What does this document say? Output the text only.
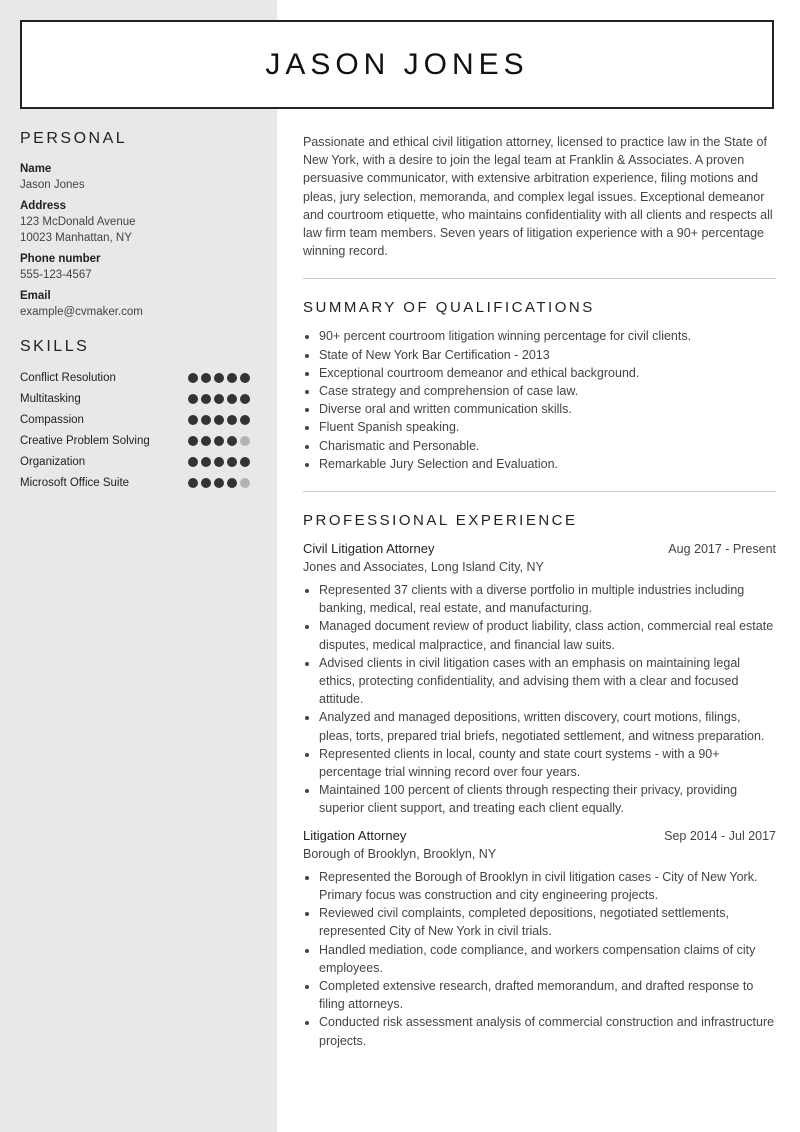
JASON JONES
PERSONAL
Name
Jason Jones
Address
123 McDonald Avenue
10023 Manhattan, NY
Phone number
555-123-4567
Email
example@cvmaker.com
SKILLS
Conflict Resolution
Multitasking
Compassion
Creative Problem Solving
Organization
Microsoft Office Suite

Passionate and ethical civil litigation attorney, licensed to practice law in the State of New York, with a desire to join the legal team at Franklin & Associates. A proven persuasive communicator, with extensive arbitration experience, filing motions and pleas, jury selection, memoranda, and complex legal issues. Exceptional demeanor and courtroom etiquette, who maintains confidentiality with all clients and respects all law firm team members. Seven years of litigation experience with a 90+ percentage winning record.

SUMMARY OF QUALIFICATIONS
• 90+ percent courtroom litigation winning percentage for civil clients.
• State of New York Bar Certification - 2013
• Exceptional courtroom demeanor and ethical background.
• Case strategy and comprehension of case law.
• Diverse oral and written communication skills.
• Fluent Spanish speaking.
• Charismatic and Personable.
• Remarkable Jury Selection and Evaluation.
PROFESSIONAL EXPERIENCE
Civil Litigation Attorney	Aug 2017 - Present
Jones and Associates, Long Island City, NY
• Represented 37 clients with a diverse portfolio in multiple industries including banking, medical, real estate, and manufacturing.
• Managed document review of product liability, class action, commercial real estate disputes, medical malpractice, and financial law suits.
• Advised clients in civil litigation cases with an emphasis on maintaining legal ethics, protecting confidentiality, and advising them with a clear and focused attitude.
• Analyzed and managed depositions, written discovery, court motions, filings, pleas, torts, prepared trial briefs, negotiated settlement, and witness preparation.
• Represented clients in local, county and state court systems - with a 90+ percentage trial winning record over four years.
• Maintained 100 percent of clients through respecting their privacy, providing superior client support, and treating each client equally.
Litigation Attorney	Sep 2014 - Jul 2017
Borough of Brooklyn, Brooklyn, NY
• Represented the Borough of Brooklyn in civil litigation cases - City of New York. Primary focus was construction and city engineering projects.
• Reviewed civil complaints, completed depositions, negotiated settlements, represented City of New York in civil trials.
• Handled mediation, code compliance, and workers compensation claims of city employees.
• Completed extensive research, drafted memorandum, and drafted response to filing attorneys.
• Conducted risk assessment analysis of commercial construction and infrastructure projects.
